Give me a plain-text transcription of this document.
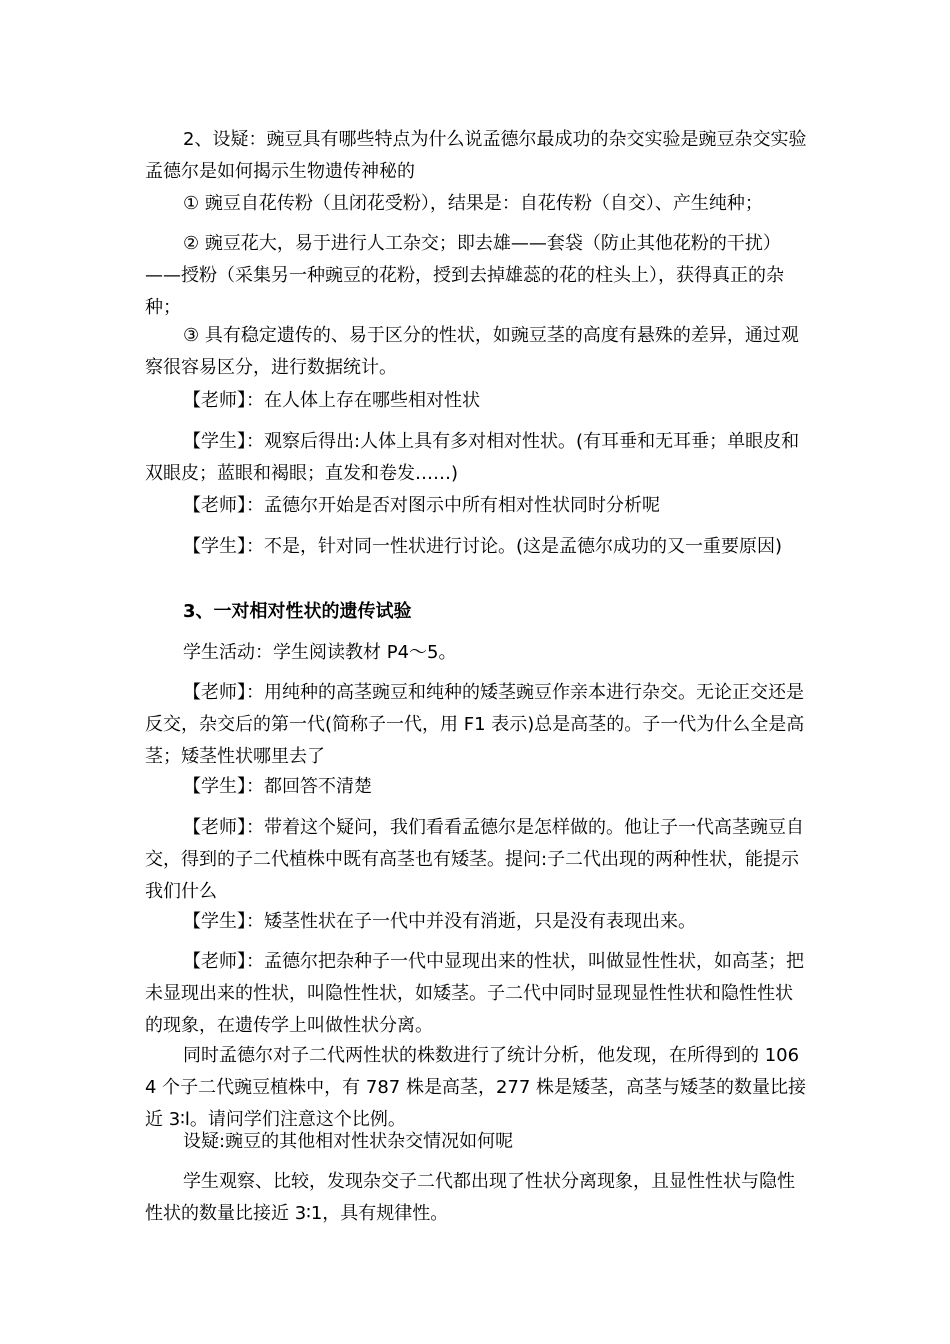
2、设疑：豌豆具有哪些特点为什么说孟德尔最成功的杂交实验是豌豆杂交实验孟德尔是如何揭示生物遗传神秘的

① 豌豆自花传粉（且闭花受粉），结果是：自花传粉（自交）、产生纯种；

② 豌豆花大，易于进行人工杂交；即去雄——套袋（防止其他花粉的干扰）——授粉（采集另一种豌豆的花粉，授到去掉雄蕊的花的柱头上），获得真正的杂种；

③ 具有稳定遗传的、易于区分的性状，如豌豆茎的高度有悬殊的差异，通过观察很容易区分，进行数据统计。

【老师】：在人体上存在哪些相对性状

【学生】：观察后得出:人体上具有多对相对性状。(有耳垂和无耳垂；单眼皮和双眼皮；蓝眼和褐眼；直发和卷发……)

【老师】：孟德尔开始是否对图示中所有相对性状同时分析呢

【学生】：不是，针对同一性状进行讨论。(这是孟德尔成功的又一重要原因)

3、一对相对性状的遗传试验

学生活动：学生阅读教材 P4～5。

【老师】：用纯种的高茎豌豆和纯种的矮茎豌豆作亲本进行杂交。无论正交还是反交，杂交后的第一代(简称子一代，用 F1 表示)总是高茎的。子一代为什么全是高茎；矮茎性状哪里去了

【学生】：都回答不清楚

【老师】：带着这个疑问，我们看看孟德尔是怎样做的。他让子一代高茎豌豆自交，得到的子二代植株中既有高茎也有矮茎。提问:子二代出现的两种性状，能提示我们什么

【学生】：矮茎性状在子一代中并没有消逝，只是没有表现出来。

【老师】：孟德尔把杂种子一代中显现出来的性状，叫做显性性状，如高茎；把未显现出来的性状，叫隐性性状，如矮茎。子二代中同时显现显性性状和隐性性状的现象，在遗传学上叫做性状分离。

同时孟德尔对子二代两性状的株数进行了统计分析，他发现，在所得到的 1064 个子二代豌豆植株中，有 787 株是高茎，277 株是矮茎，高茎与矮茎的数量比接近 3∶l。请问学们注意这个比例。

设疑:豌豆的其他相对性状杂交情况如何呢

学生观察、比较，发现杂交子二代都出现了性状分离现象，且显性性状与隐性性状的数量比接近 3∶1，具有规律性。
